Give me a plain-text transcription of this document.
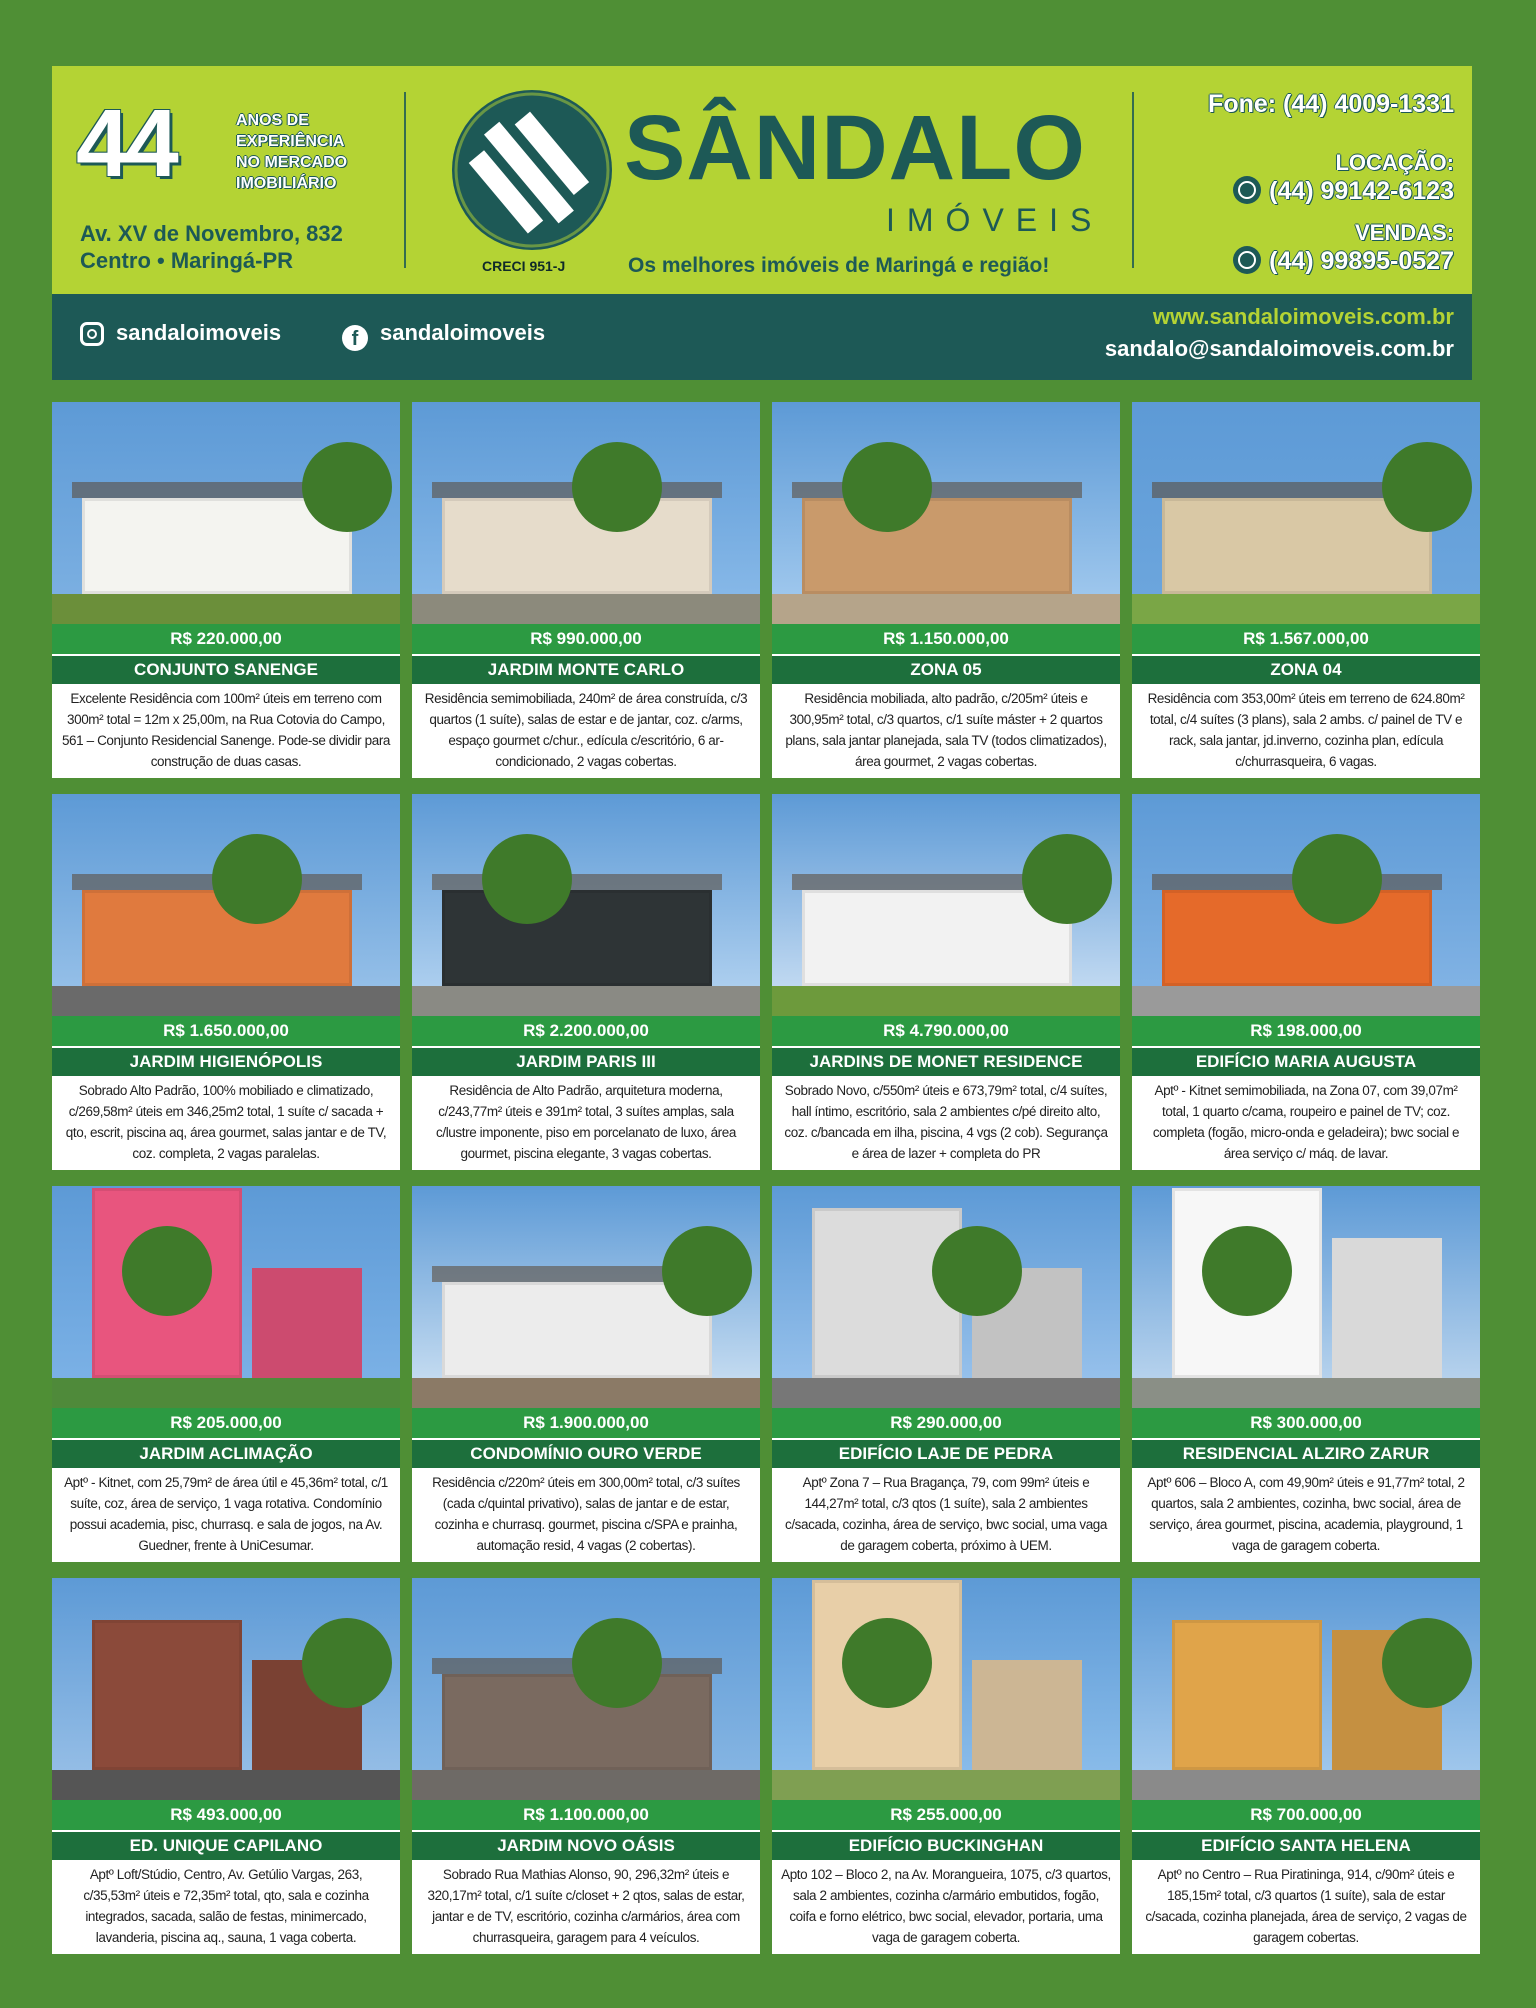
44	ANOS DE
EXPERIÊNCIA
NO MERCADO
IMOBILIÁRIO
Av. XV de Novembro, 832
Centro • Maringá-PR	CRECI 951-J
SÂNDALO
IMÓVEIS
Os melhores imóveis de Maringá e região!
Fone: (44) 4009-1331
LOCAÇÃO:
(44) 99142-6123
VENDAS:
(44) 99895-0527
sandaloimoveis	f sandaloimoveis
www.sandaloimoveis.com.br
sandalo@sandaloimoveis.com.br
R$ 220.000,00
CONJUNTO SANENGE
Excelente Residência com 100m² úteis em terreno com 300m² total = 12m x 25,00m, na Rua Cotovia do Campo, 561 – Conjunto Residencial Sanenge. Pode-se dividir para construção de duas casas.
R$ 990.000,00
JARDIM MONTE CARLO
Residência semimobiliada, 240m² de área construída, c/3 quartos (1 suíte), salas de estar e de jantar, coz. c/arms, espaço gourmet c/chur., edícula c/escritório, 6 ar-condicionado, 2 vagas cobertas.
R$ 1.150.000,00
ZONA 05
Residência mobiliada, alto padrão, c/205m² úteis e 300,95m² total, c/3 quartos, c/1 suíte máster + 2 quartos plans, sala jantar planejada, sala TV (todos climatizados), área gourmet, 2 vagas cobertas.
R$ 1.567.000,00
ZONA 04
Residência com 353,00m² úteis em terreno de 624.80m² total, c/4 suítes (3 plans), sala 2 ambs. c/ painel de TV e rack, sala jantar, jd.inverno, cozinha plan, edícula c/churrasqueira, 6 vagas.
R$ 1.650.000,00
JARDIM HIGIENÓPOLIS
Sobrado Alto Padrão, 100% mobiliado e climatizado, c/269,58m² úteis em 346,25m2 total, 1 suíte c/ sacada + qto, escrit, piscina aq, área gourmet, salas jantar e de TV, coz. completa, 2 vagas paralelas.
R$ 2.200.000,00
JARDIM PARIS III
Residência de Alto Padrão, arquitetura moderna, c/243,77m² úteis e 391m² total, 3 suítes amplas, sala c/lustre imponente, piso em porcelanato de luxo, área gourmet, piscina elegante, 3 vagas cobertas.
R$ 4.790.000,00
JARDINS DE MONET RESIDENCE
Sobrado Novo, c/550m² úteis e 673,79m² total, c/4 suítes, hall íntimo, escritório, sala 2 ambientes c/pé direito alto, coz. c/bancada em ilha, piscina, 4 vgs (2 cob). Segurança e área de lazer + completa do PR
R$ 198.000,00
EDIFÍCIO MARIA AUGUSTA
Aptº - Kitnet semimobiliada, na Zona 07, com 39,07m² total, 1 quarto c/cama, roupeiro e painel de TV; coz. completa (fogão, micro-onda e geladeira); bwc social e área serviço c/ máq. de lavar.
R$ 205.000,00
JARDIM ACLIMAÇÃO
Aptº - Kitnet, com 25,79m² de área útil e 45,36m² total, c/1 suíte, coz, área de serviço, 1 vaga rotativa. Condomínio possui academia, pisc, churrasq. e sala de jogos, na Av. Guedner, frente à UniCesumar.
R$ 1.900.000,00
CONDOMÍNIO OURO VERDE
Residência c/220m² úteis em 300,00m² total, c/3 suítes (cada c/quintal privativo), salas de jantar e de estar, cozinha e churrasq. gourmet, piscina c/SPA e prainha, automação resid, 4 vagas (2 cobertas).
R$ 290.000,00
EDIFÍCIO LAJE DE PEDRA
Aptº Zona 7 – Rua Bragança, 79, com 99m² úteis e 144,27m² total, c/3 qtos (1 suíte), sala 2 ambientes c/sacada, cozinha, área de serviço, bwc social, uma vaga de garagem coberta, próximo à UEM.
R$ 300.000,00
RESIDENCIAL ALZIRO ZARUR
Aptº 606 – Bloco A, com 49,90m² úteis e 91,77m² total, 2 quartos, sala 2 ambientes, cozinha, bwc social, área de serviço, área gourmet, piscina, academia, playground, 1 vaga de garagem coberta.
R$ 493.000,00
ED. UNIQUE CAPILANO
Aptº Loft/Stúdio, Centro, Av. Getúlio Vargas, 263, c/35,53m² úteis e 72,35m² total, qto, sala e cozinha integrados, sacada, salão de festas, minimercado, lavanderia, piscina aq., sauna, 1 vaga coberta.
R$ 1.100.000,00
JARDIM NOVO OÁSIS
Sobrado Rua Mathias Alonso, 90, 296,32m² úteis e 320,17m² total, c/1 suíte c/closet + 2 qtos, salas de estar, jantar e de TV, escritório, cozinha c/armários, área com churrasqueira, garagem para 4 veículos.
R$ 255.000,00
EDIFÍCIO BUCKINGHAN
Apto 102 – Bloco 2, na Av. Morangueira, 1075, c/3 quartos, sala 2 ambientes, cozinha c/armário embutidos, fogão, coifa e forno elétrico, bwc social, elevador, portaria, uma vaga de garagem coberta.
R$ 700.000,00
EDIFÍCIO SANTA HELENA
Aptº no Centro – Rua Piratininga, 914, c/90m² úteis e 185,15m² total, c/3 quartos (1 suíte), sala de estar c/sacada, cozinha planejada, área de serviço, 2 vagas de garagem cobertas.
